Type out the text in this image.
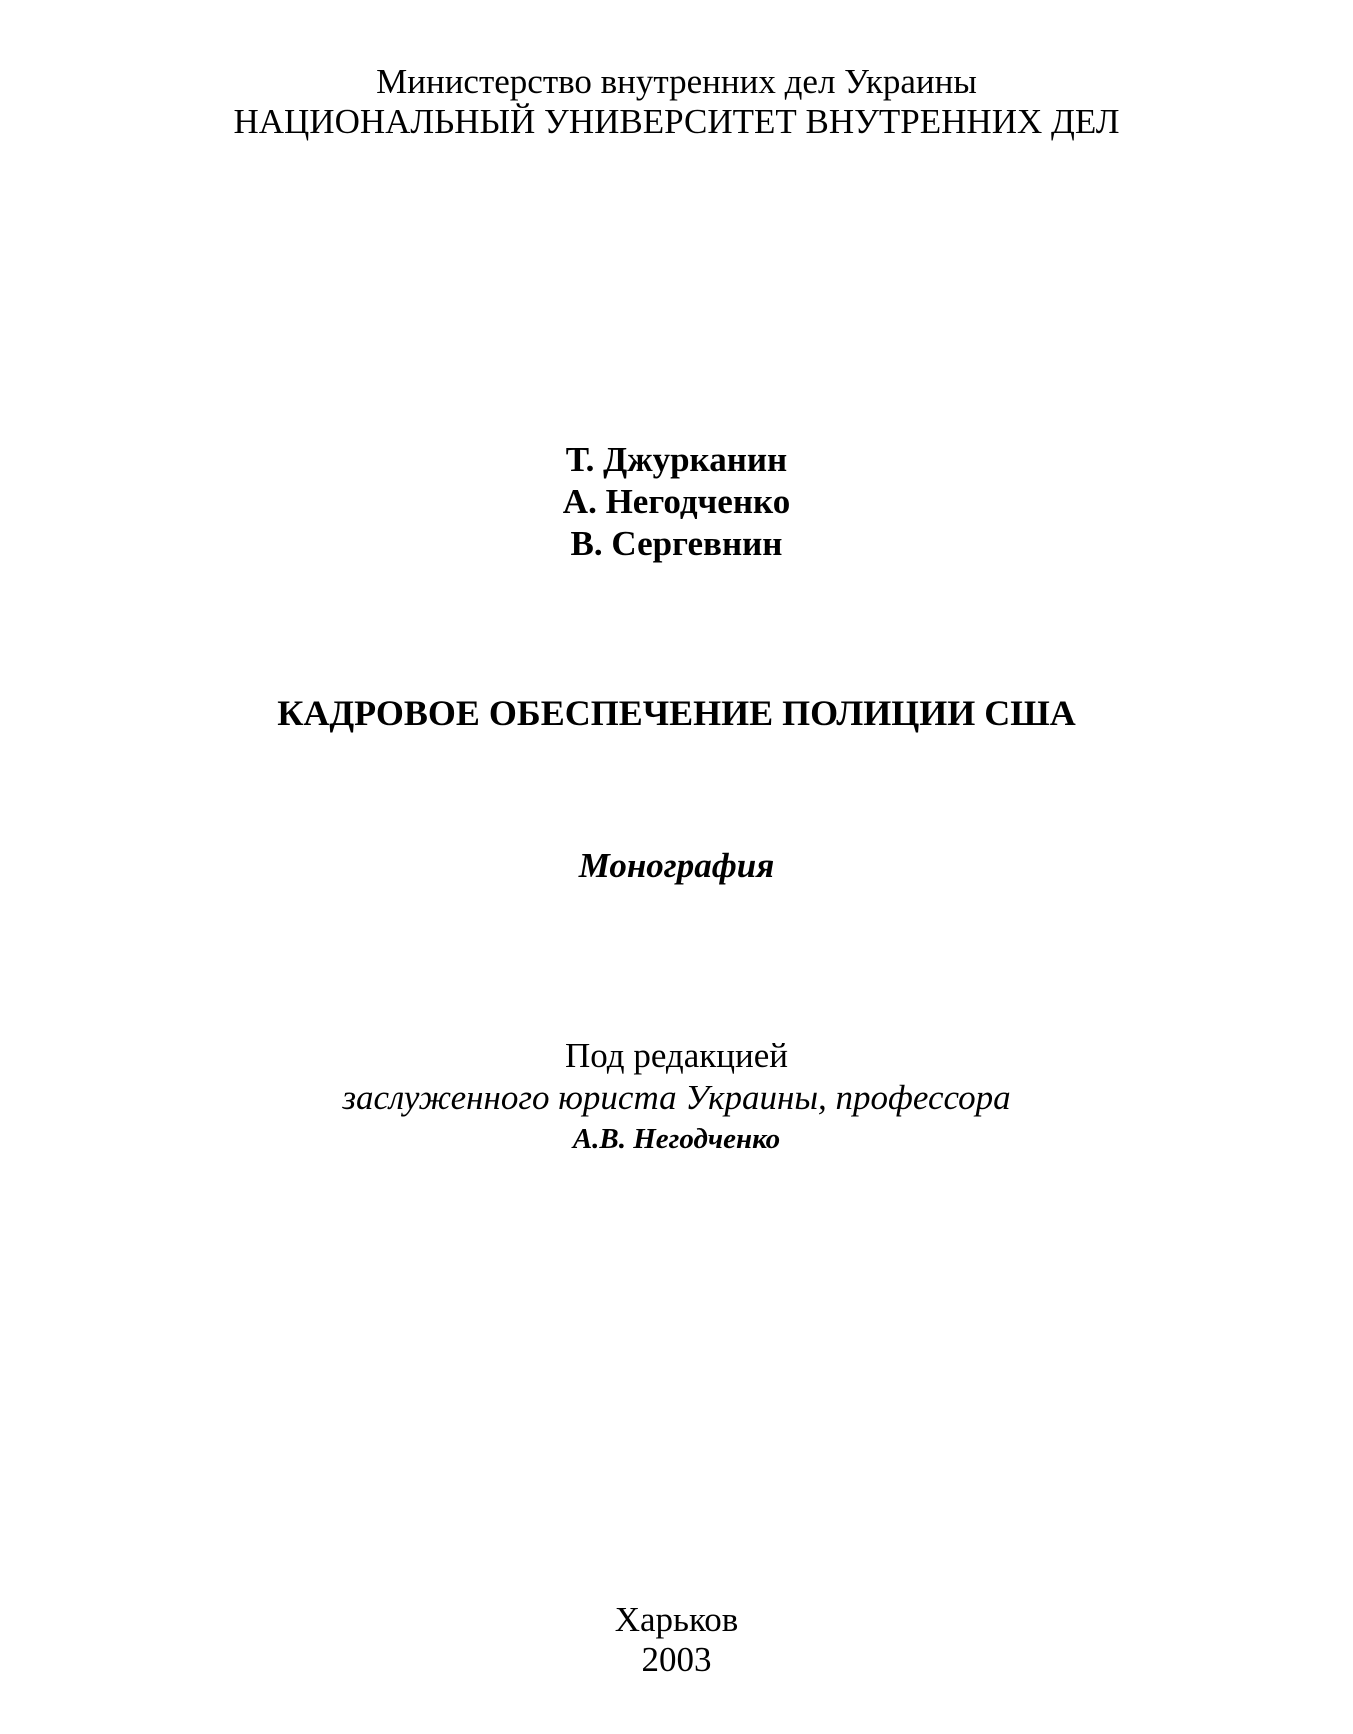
Министерство внутренних дел Украины
НАЦИОНАЛЬНЫЙ УНИВЕРСИТЕТ ВНУТРЕННИХ ДЕЛ
Т. Джурканин
А. Негодченко
В. Сергевнин
КАДРОВОЕ ОБЕСПЕЧЕНИЕ ПОЛИЦИИ США
Монография
Под редакцией
заслуженного юриста Украины, профессора
А.В. Негодченко
Харьков
2003
